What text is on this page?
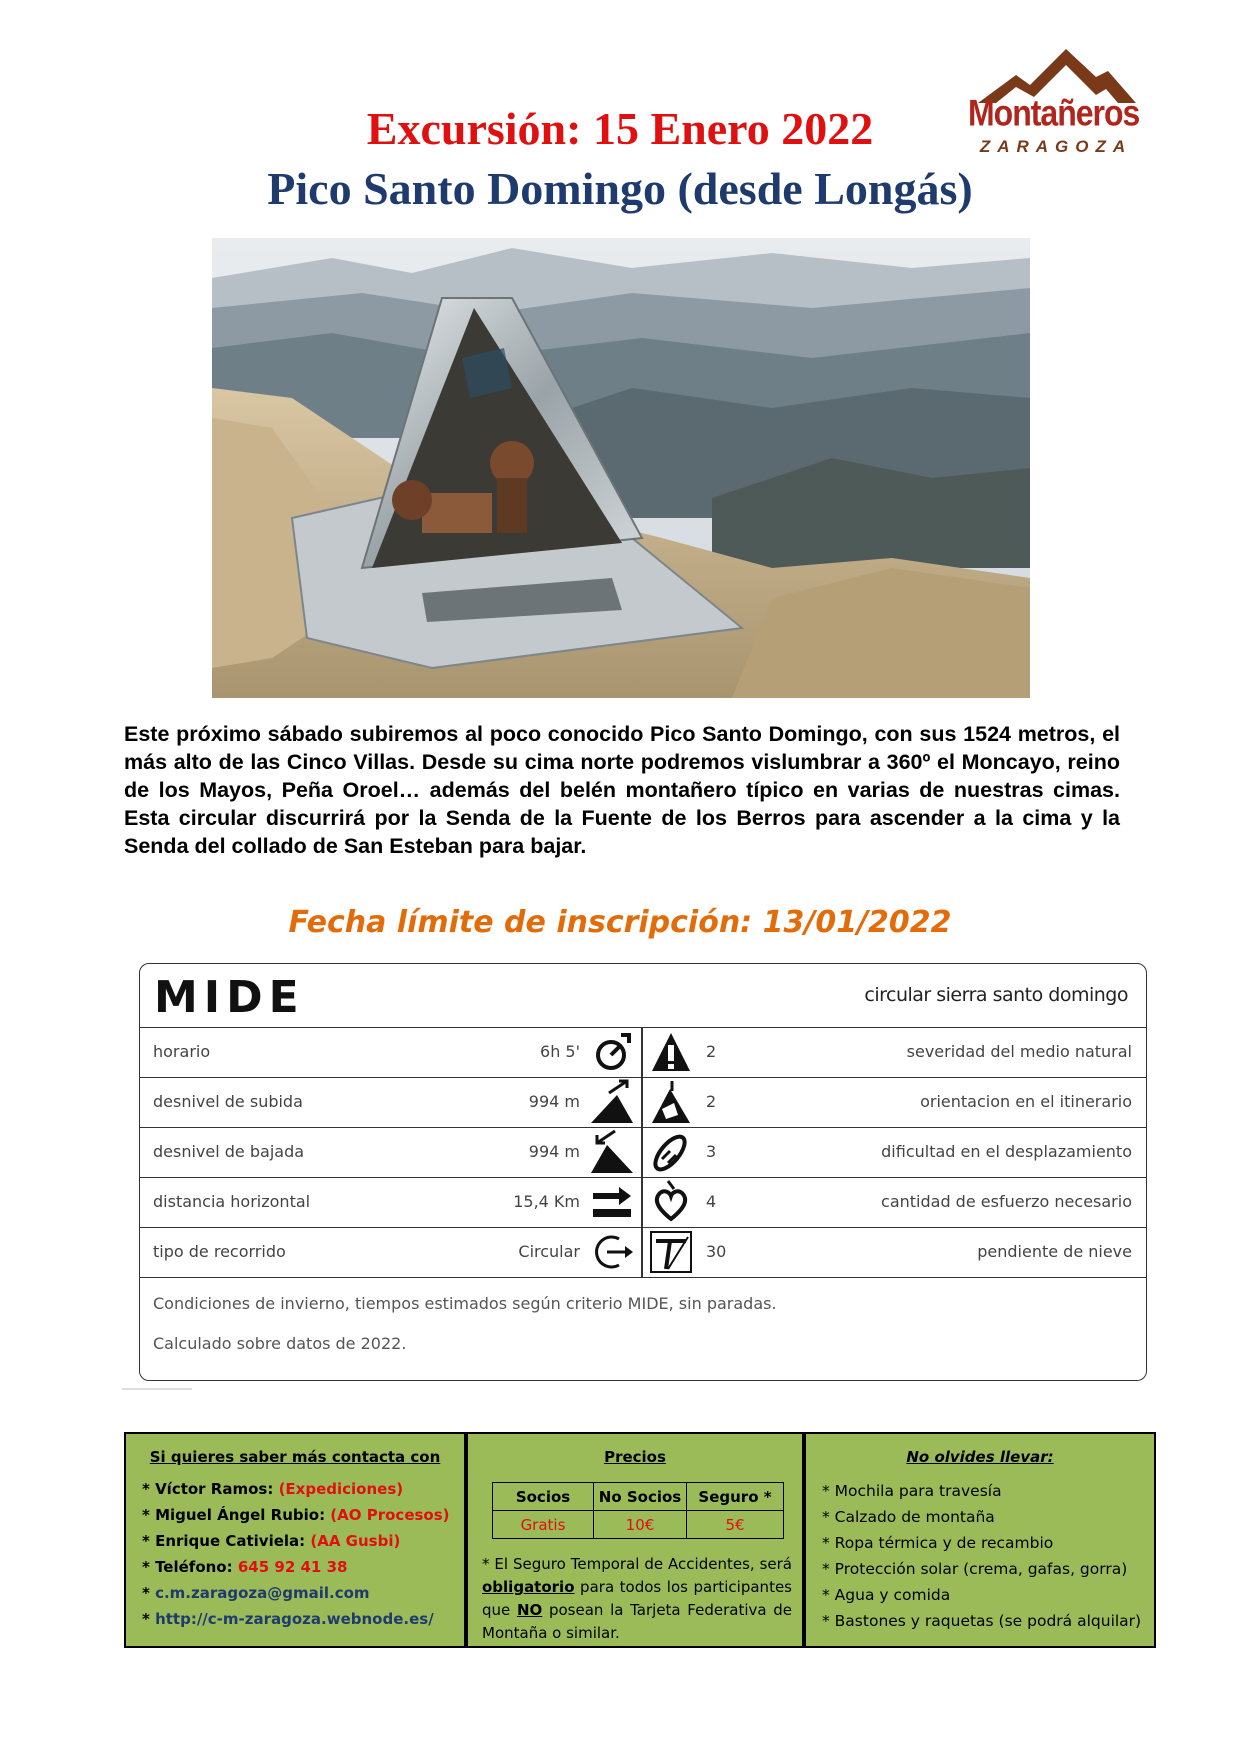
Montañeros
ZARAGOZA
Excursión: 15 Enero 2022
Pico Santo Domingo (desde Longás)
Este próximo sábado subiremos al poco conocido Pico Santo Domingo, con sus 1524 metros, el más alto de las Cinco Villas. Desde su cima norte podremos vislumbrar a 360º el Moncayo, reino de los Mayos, Peña Oroel… además del belén montañero típico en varias de nuestras cimas. Esta circular discurrirá por la Senda de la Fuente de los Berros para ascender a la cima y la Senda del collado de San Esteban para bajar.
Fecha límite de inscripción: 13/01/2022
MIDE	circular sierra santo domingo
horario	6h 5'	2	severidad del medio natural
desnivel de subida	994 m	2	orientacion en el itinerario
desnivel de bajada	994 m	3	dificultad en el desplazamiento
distancia horizontal	15,4 Km	4	cantidad de esfuerzo necesario
tipo de recorrido	Circular	30	pendiente de nieve
Condiciones de invierno, tiempos estimados según criterio MIDE, sin paradas.
Calculado sobre datos de 2022.
Si quieres saber más contacta con
* Víctor Ramos: (Expediciones)
* Miguel Ángel Rubio: (AO Procesos)
* Enrique Cativiela: (AA Gusbi)
* Teléfono: 645 92 41 38
* c.m.zaragoza@gmail.com
* http://c-m-zaragoza.webnode.es/
Precios
Socios	No Socios	Seguro *
Gratis	10€	5€
* El Seguro Temporal de Accidentes, será obligatorio para todos los participantes que NO posean la Tarjeta Federativa de Montaña o similar.
No olvides llevar:
* Mochila para travesía
* Calzado de montaña
* Ropa térmica y de recambio
* Protección solar (crema, gafas, gorra)
* Agua y comida
* Bastones y raquetas (se podrá alquilar)
